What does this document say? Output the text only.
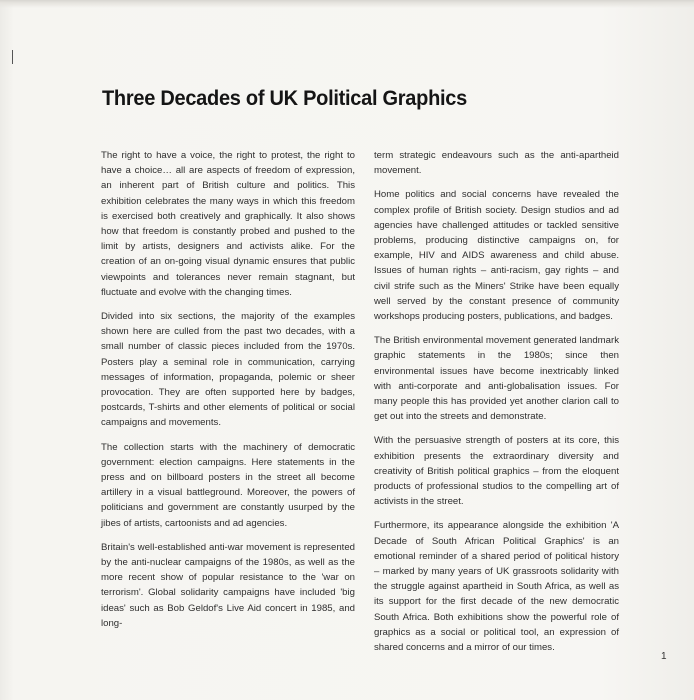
Three Decades of UK Political Graphics

The right to have a voice, the right to protest, the right to have a choice… all are aspects of freedom of expression, an inherent part of British culture and politics. This exhibition celebrates the many ways in which this freedom is exercised both creatively and graphically. It also shows how that freedom is constantly probed and pushed to the limit by artists, designers and activists alike. For the creation of an on-going visual dynamic ensures that public viewpoints and tolerances never remain stagnant, but fluctuate and evolve with the changing times.

Divided into six sections, the majority of the examples shown here are culled from the past two decades, with a small number of classic pieces included from the 1970s. Posters play a seminal role in communication, carrying messages of information, propaganda, polemic or sheer provocation. They are often supported here by badges, postcards, T-shirts and other elements of political or social campaigns and movements.

The collection starts with the machinery of democratic government: election campaigns. Here statements in the press and on billboard posters in the street all become artillery in a visual battleground. Moreover, the powers of politicians and government are constantly usurped by the jibes of artists, cartoonists and ad agencies.

Britain's well-established anti-war movement is represented by the anti-nuclear campaigns of the 1980s, as well as the more recent show of popular resistance to the 'war on terrorism'. Global solidarity campaigns have included 'big ideas' such as Bob Geldof's Live Aid concert in 1985, and long-

term strategic endeavours such as the anti-apartheid movement.

Home politics and social concerns have revealed the complex profile of British society. Design studios and ad agencies have challenged attitudes or tackled sensitive problems, producing distinctive campaigns on, for example, HIV and AIDS awareness and child abuse. Issues of human rights – anti-racism, gay rights – and civil strife such as the Miners' Strike have been equally well served by the constant presence of community workshops producing posters, publications, and badges.

The British environmental movement generated landmark graphic statements in the 1980s; since then environmental issues have become inextricably linked with anti-corporate and anti-globalisation issues. For many people this has provided yet another clarion call to get out into the streets and demonstrate.

With the persuasive strength of posters at its core, this exhibition presents the extraordinary diversity and creativity of British political graphics – from the eloquent products of professional studios to the compelling art of activists in the street.

Furthermore, its appearance alongside the exhibition 'A Decade of South African Political Graphics' is an emotional reminder of a shared period of political history – marked by many years of UK grassroots solidarity with the struggle against apartheid in South Africa, as well as its support for the first decade of the new democratic South Africa. Both exhibitions show the powerful role of graphics as a social or political tool, an expression of shared concerns and a mirror of our times.

1
